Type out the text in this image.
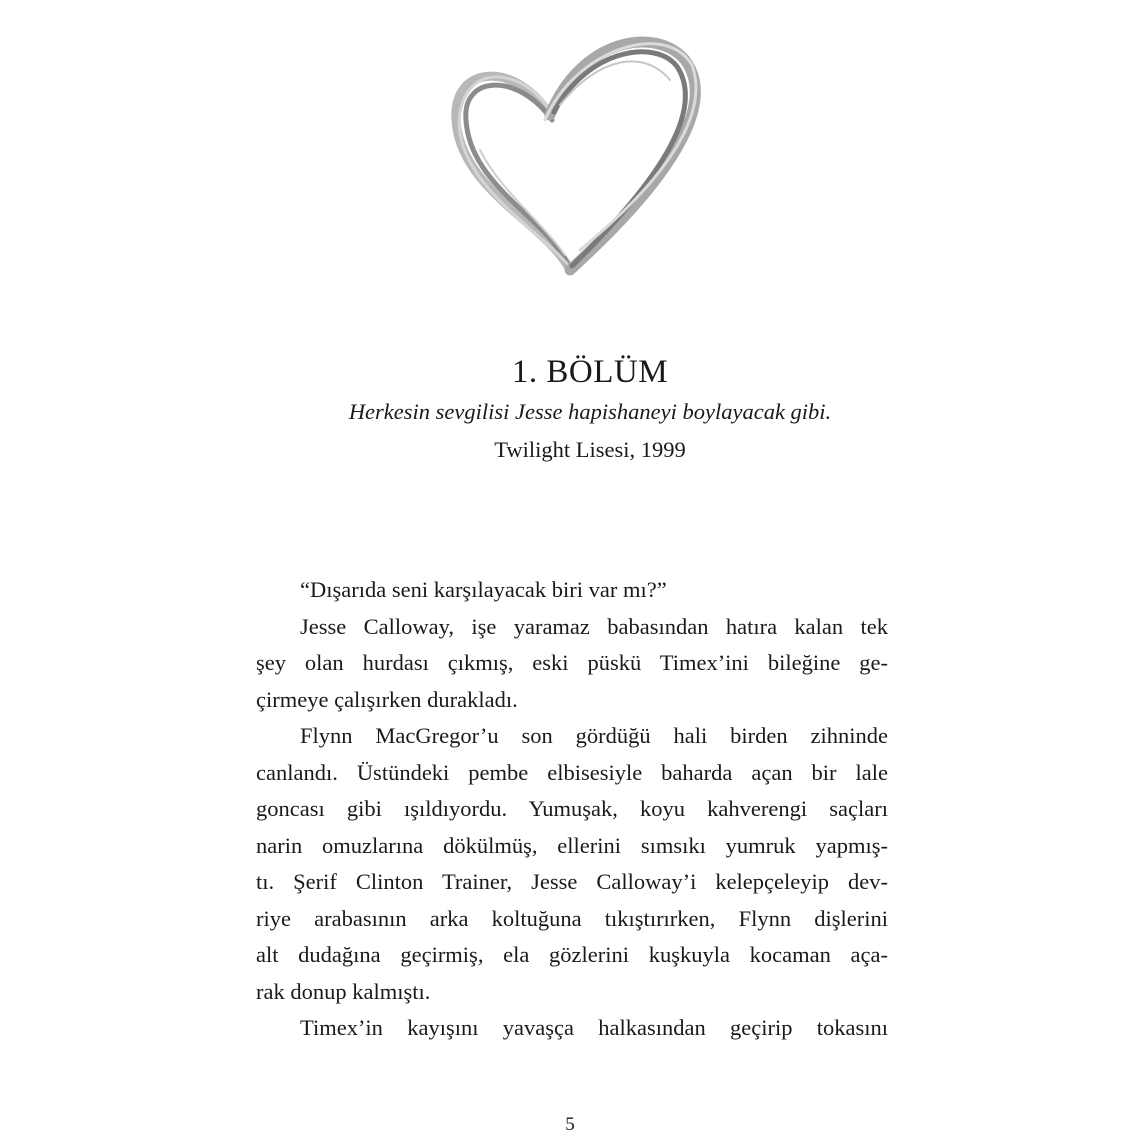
1. BÖLÜM
Herkesin sevgilisi Jesse hapishaneyi boylayacak gibi.
Twilight Lisesi, 1999
“Dışarıda seni karşılayacak biri var mı?”
Jesse Calloway, işe yaramaz babasından hatıra kalan tek
şey olan hurdası çıkmış, eski püskü Timex’ini bileğine ge-
çirmeye çalışırken durakladı.
Flynn MacGregor’u son gördüğü hali birden zihninde
canlandı. Üstündeki pembe elbisesiyle baharda açan bir lale
goncası gibi ışıldıyordu. Yumuşak, koyu kahverengi saçları
narin omuzlarına dökülmüş, ellerini sımsıkı yumruk yapmış-
tı. Şerif Clinton Trainer, Jesse Calloway’i kelepçeleyip dev-
riye arabasının arka koltuğuna tıkıştırırken, Flynn dişlerini
alt dudağına geçirmiş, ela gözlerini kuşkuyla kocaman aça-
rak donup kalmıştı.
Timex’in kayışını yavaşça halkasından geçirip tokasını
5
